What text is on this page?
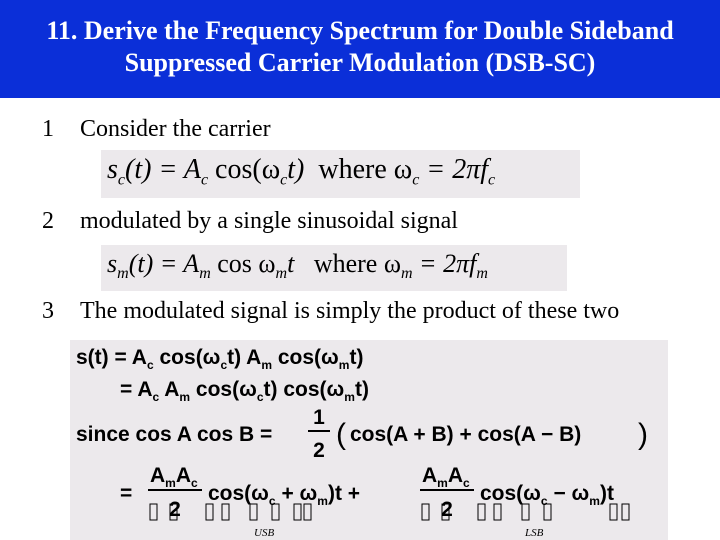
11. Derive the Frequency Spectrum for Double Sideband
Suppressed Carrier Modulation (DSB-SC)
1 Consider the carrier
$s_c(t) = A_c$ $\cos(\omega_ct)$ where $\omega_c = 2\pi f_c$
2 modulated by a single sinusoidal signal
$s_m(t) = A_m$ $\cos \omega_mt$ where $\omega_m = 2\pi f_m$
3 The modulated signal is simply the product of these two
$s(t) = A_c$ $\cos(\omega_ct)$ $A_m$ $\cos(\omega_mt)$
= $A_c$ $A_m$ $\cos(\omega_ct)$ $\cos(\omega_mt)$
since cos A cos B =
1
2 ( cos(A + B) + cos(A − B) )
=
$A_mA_c$
2
$\cos(\omega_c + \omega_m)t$ +
$A_mA_c$
2
$\cos(\omega_c - \omega_m)t$
USB	LSB
